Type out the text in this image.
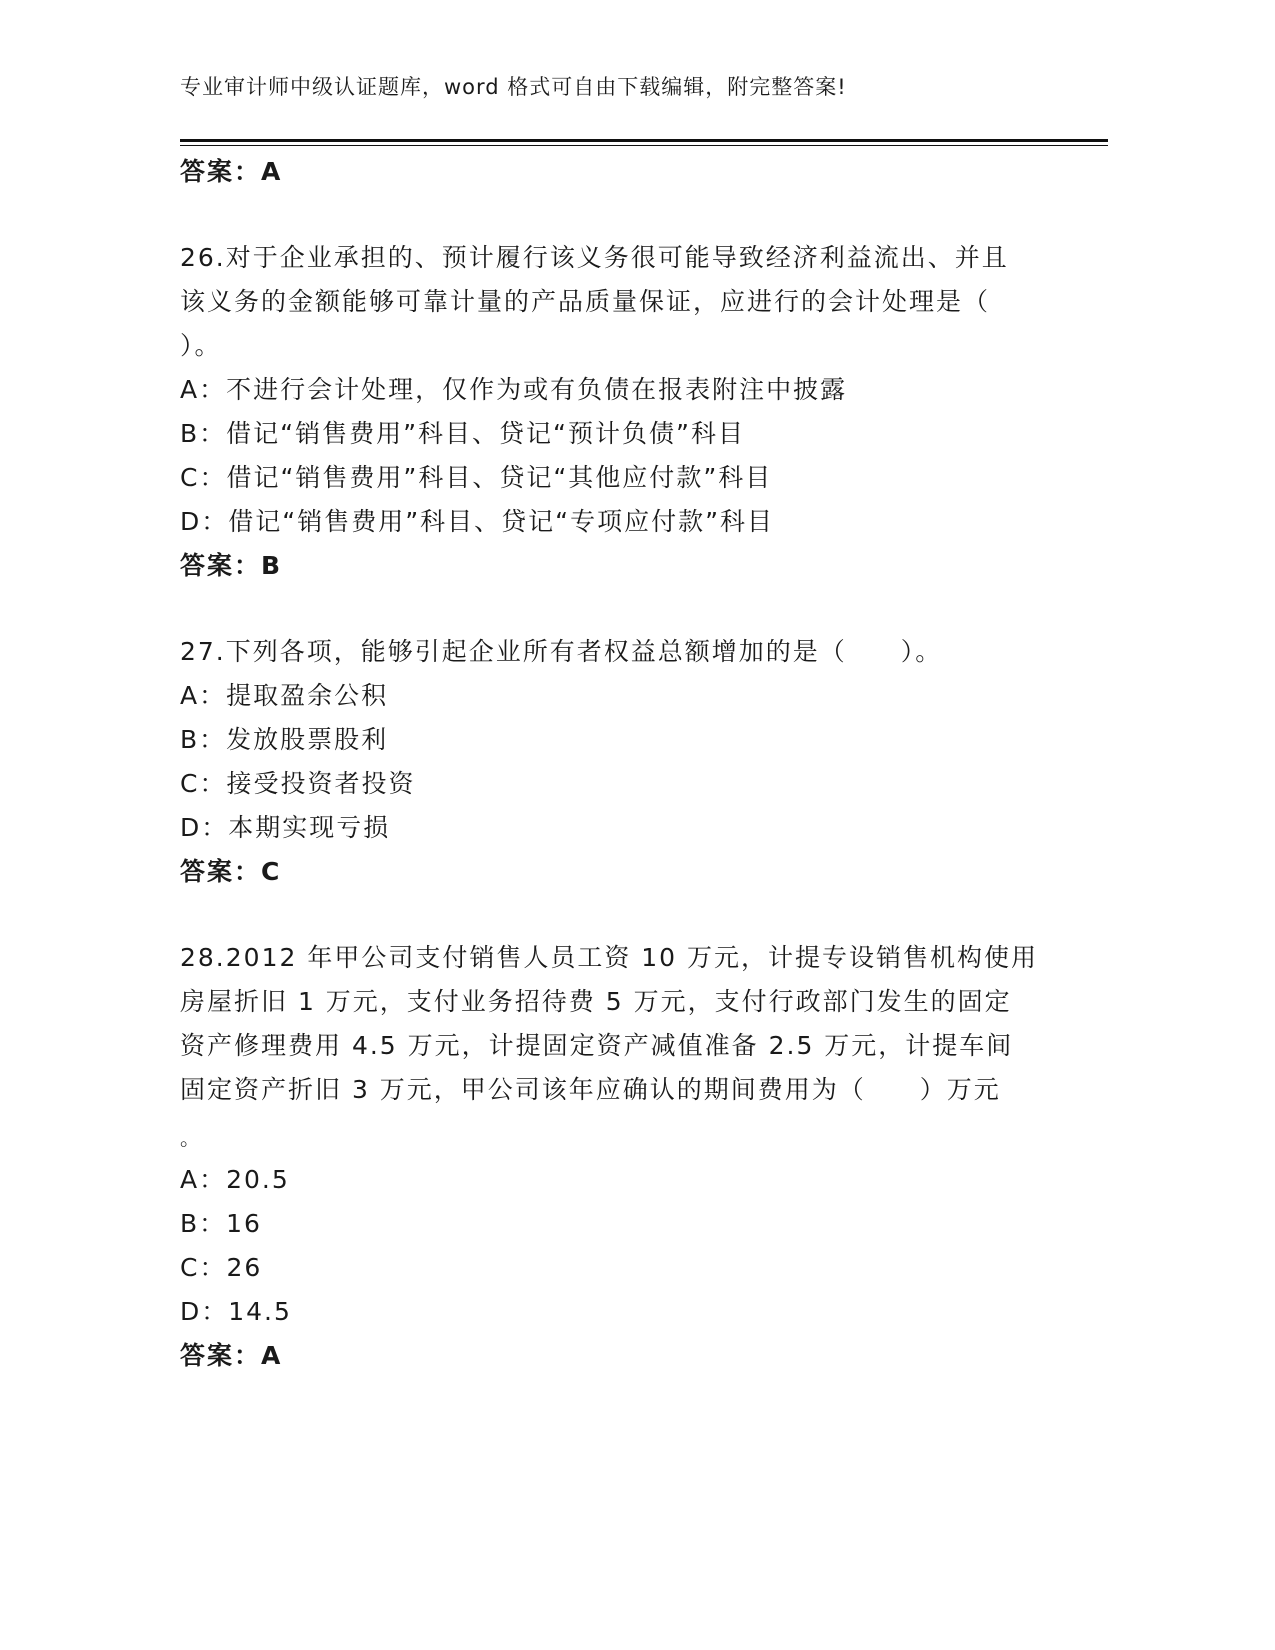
专业审计师中级认证题库，word 格式可自由下载编辑，附完整答案!
答案：A
26.对于企业承担的、预计履行该义务很可能导致经济利益流出、并且
该义务的金额能够可靠计量的产品质量保证，应进行的会计处理是（
）。
A：不进行会计处理，仅作为或有负债在报表附注中披露
B：借记“销售费用”科目、贷记“预计负债”科目
C：借记“销售费用”科目、贷记“其他应付款”科目
D：借记“销售费用”科目、贷记“专项应付款”科目
答案：B
27.下列各项，能够引起企业所有者权益总额增加的是（　　）。
A：提取盈余公积
B：发放股票股利
C：接受投资者投资
D：本期实现亏损
答案：C
28.2012 年甲公司支付销售人员工资 10 万元，计提专设销售机构使用
房屋折旧 1 万元，支付业务招待费 5 万元，支付行政部门发生的固定
资产修理费用 4.5 万元，计提固定资产减值准备 2.5 万元，计提车间
固定资产折旧 3 万元，甲公司该年应确认的期间费用为（　　）万元
。
A：20.5
B：16
C：26
D：14.5
答案：A
